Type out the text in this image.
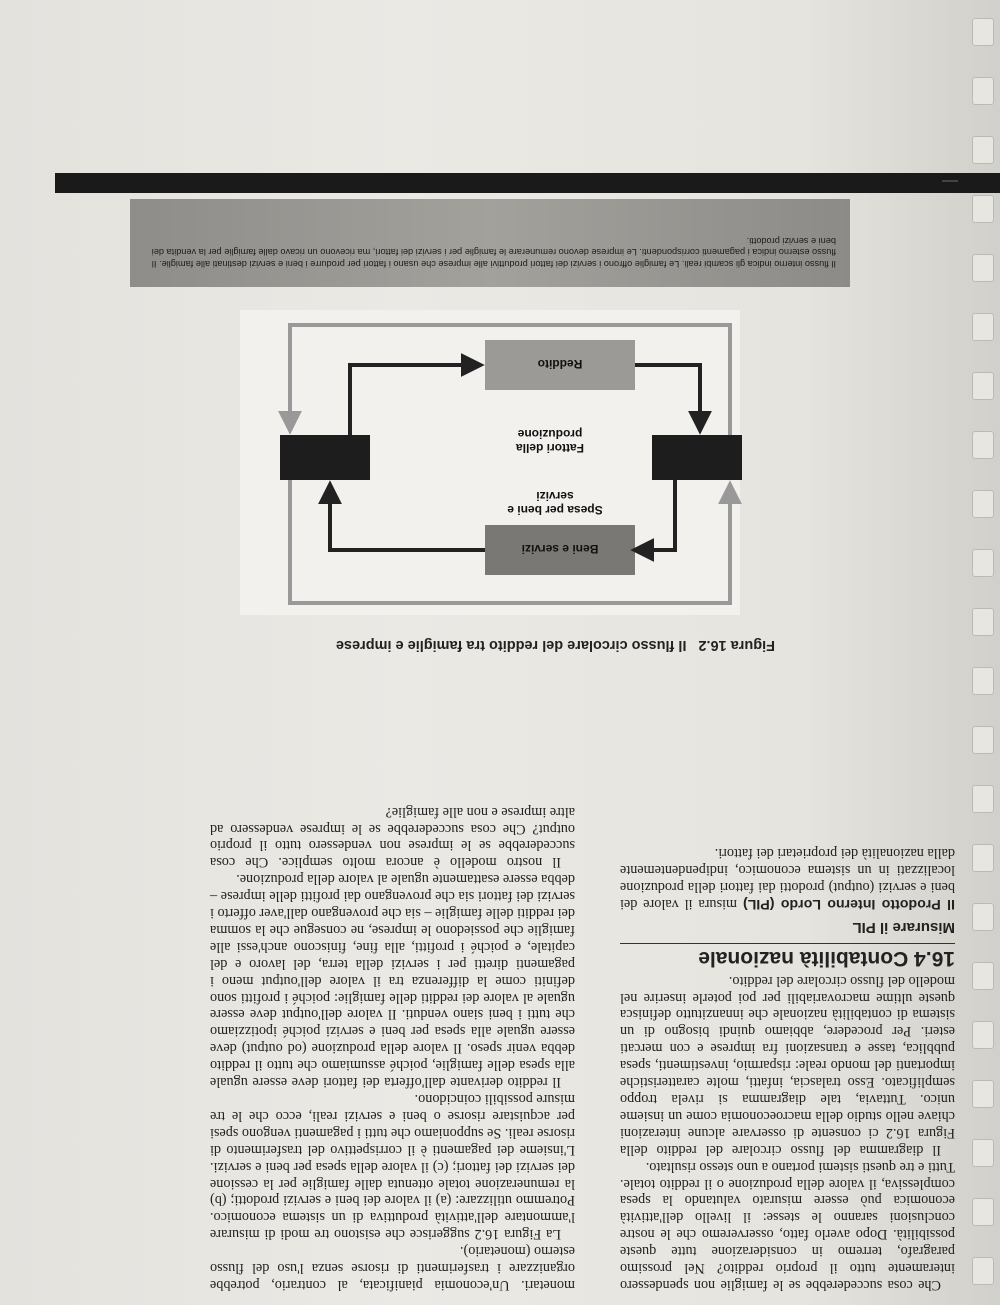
Che cosa succederebbe se le famiglie non spendessero interamente tutto il proprio reddito? Nel prossimo paragrafo, terremo in considerazione tutte queste possibilità. Dopo averlo fatto, osserveremo che le nostre conclusioni saranno le stesse: il livello dell'attività economica può essere misurato valutando la spesa complessiva, il valore della produzione o il reddito totale. Tutti e tre questi sistemi portano a uno stesso risultato.

Il diagramma del flusso circolare del reddito della Figura 16.2 ci consente di osservare alcune interazioni chiave nello studio della macroeconomia come un insieme unico. Tuttavia, tale diagramma si rivela troppo semplificato. Esso tralascia, infatti, molte caratteristiche importanti del mondo reale: risparmio, investimenti, spesa pubblica, tasse e transazioni fra imprese e con mercati esteri. Per procedere, abbiamo quindi bisogno di un sistema di contabilità nazionale che innanzitutto definisca queste ultime macrovariabili per poi poterle inserire nel modello del flusso circolare del reddito.

16.4 Contabilità nazionale
Misurare il PIL

Il Prodotto Interno Lordo (PIL) misura il valore dei beni e servizi (output) prodotti dai fattori della produzione localizzati in un sistema economico, indipendentemente dalla nazionalità dei proprietari dei fattori.

monetari. Un'economia pianificata, al contrario, potrebbe organizzare i trasferimenti di risorse senza l'uso del flusso esterno (monetario).

La Figura 16.2 suggerisce che esistono tre modi di misurare l'ammontare dell'attività produttiva di un sistema economico. Potremmo utilizzare: (a) il valore dei beni e servizi prodotti; (b) la remunerazione totale ottenuta dalle famiglie per la cessione dei servizi dei fattori; (c) il valore della spesa per beni e servizi. L'insieme dei pagamenti è il corrispettivo del trasferimento di risorse reali. Se supponiamo che tutti i pagamenti vengono spesi per acquistare risorse o beni e servizi reali, ecco che le tre misure possibili coincidono.

Il reddito derivante dall'offerta dei fattori deve essere uguale alla spesa delle famiglie, poiché assumiamo che tutto il reddito debba venir speso. Il valore della produzione (od output) deve essere uguale alla spesa per beni e servizi poiché ipotizziamo che tutti i beni siano venduti. Il valore dell'output deve essere uguale al valore dei redditi delle famiglie: poiché i profitti sono definiti come la differenza tra il valore dell'output meno i pagamenti diretti per i servizi della terra, del lavoro e del capitale, e poiché i profitti, alla fine, finiscono anch'essi alle famiglie che possiedono le imprese, ne consegue che la somma dei redditi delle famiglie – sia che provengano dall'aver offerto i servizi dei fattori sia che provengano dai profitti delle imprese – debba essere esattamente uguale al valore della produzione.

Il nostro modello è ancora molto semplice. Che cosa succederebbe se le imprese non vendessero tutto il proprio output? Che cosa succederebbe se le imprese vendessero ad altre imprese e non alle famiglie?

Figura 16.2Il flusso circolare del reddito tra famiglie e imprese
Beni e servizi
Reddito
Fattori della produzione
Spesa per beni e servizi
Il flusso interno indica gli scambi reali. Le famiglie offrono i servizi dei fattori produttivi alle imprese che usano i fattori per produrre i beni e servizi destinati alle famiglie. Il flusso esterno indica i pagamenti corrispondenti. Le imprese devono remunerare le famiglie per i servizi dei fattori, ma ricevono un ricavo dalle famiglie per la vendita dei beni e servizi prodotti.
